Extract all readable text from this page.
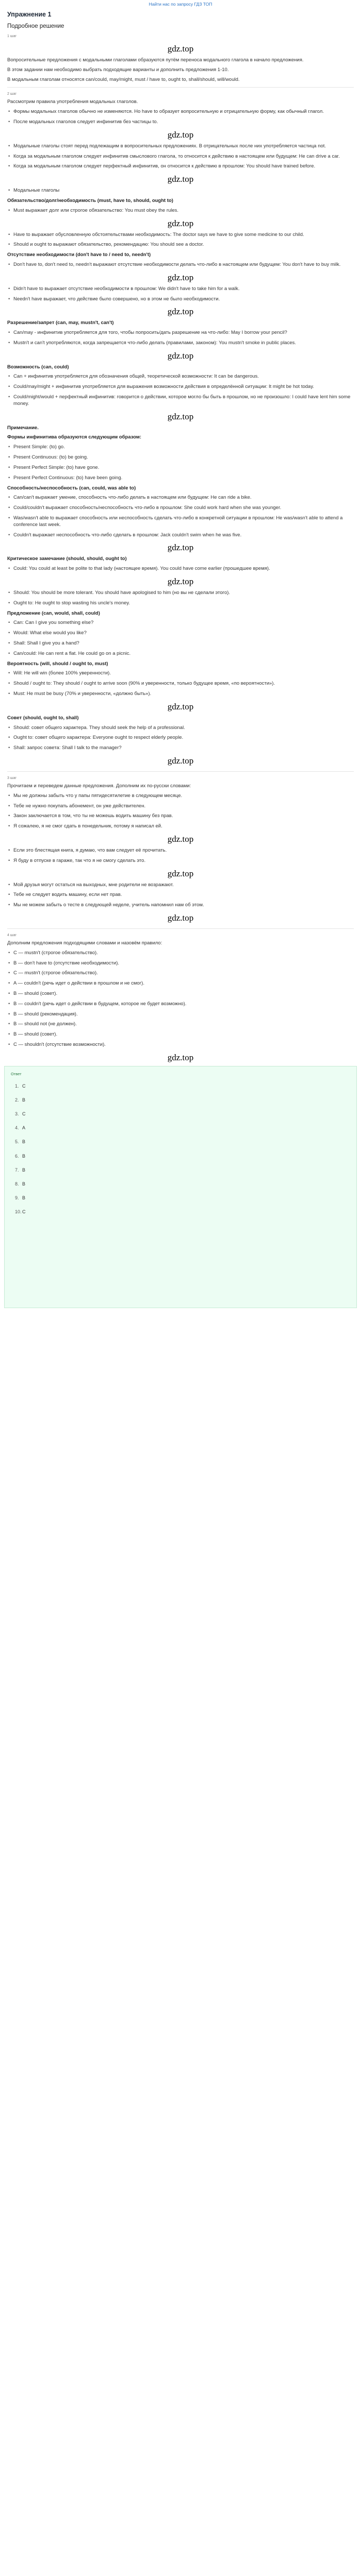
Найти нас по запросу ГДЗ ТОП
Упражнение 1
Подробное решение
1 шаг
gdz.top
Вопросительные предложения с модальными глаголами образуются путём переноса модального глагола в начало предложения.
В этом задании нам необходимо выбрать подходящие варианты и дополнить предложения 1-10.
В модальным глаголам относятся can/could, may/might, must / have to, ought to, shall/should, will/would.
2 шаг
Рассмотрим правила употребления модальных глаголов.
• Формы модальных глаголов обычно не изменяются. Но have to образует вопросительную и отрицательную форму, как обычный глагол.
• После модальных глаголов следует инфинитив без частицы to.
gdz.top
• Модальные глаголы стоят перед подлежащим в вопросительных предложениях. В отрицательных после них употребляется частица not.
• Когда за модальным глаголом следует инфинитив смыслового глагола, то относится к действию в настоящем или будущем: He can drive a car.
• Когда за модальным глаголом следует перфектный инфинитив, он относится к действию в прошлом: You should have trained before.
gdz.top
• Модальные глаголы
Обязательство/долг/необходимость (must, have to, should, ought to)
• Must выражает долг или строгое обязательство: You must obey the rules.
gdz.top
• Have to выражает обусловленную обстоятельствами необходимость: The doctor says we have to give some medicine to our child.
• Should и ought to выражают обязательство, рекомендацию: You should see a doctor.
Отсутствие необходимости (don't have to / need to, needn't)
• Don't have to, don't need to, needn't выражают отсутствие необходимости делать что-либо в настоящем или будущем: You don't have to buy milk.
gdz.top
• Didn't have to выражает отсутствие необходимости в прошлом: We didn't have to take him for a walk.
• Needn't have выражает, что действие было совершено, но в этом не было необходимости.
gdz.top
Разрешение/запрет (can, may, mustn't, can't)
• Can/may - инфинитив употребляется для того, чтобы попросить/дать разрешение на что-либо: May I borrow your pencil?
• Mustn't и can't употребляются, когда запрещается что-либо делать (правилами, законом): You mustn't smoke in public places.
gdz.top
Возможность (can, could)
• Can + инфинитив употребляется для обозначения общей, теоретической возможности: It can be dangerous.
• Could/may/might + инфинитив употребляется для выражения возможности действия в определённой ситуации: It might be hot today.
• Could/might/would + перфектный инфинитив: говорится о действии, которое могло бы быть в прошлом, но не произошло: I could have lent him some money.
gdz.top
Примечание.
Формы инфинитива образуются следующим образом:
• Present Simple: (to) go.
• Present Continuous: (to) be going.
• Present Perfect Simple: (to) have gone.
• Present Perfect Continuous: (to) have been going.
Способность/неспособность (can, could, was able to)
• Can/can't выражает умение, способность что-либо делать в настоящем или будущем: He can ride a bike.
• Could/couldn't выражает способность/неспособность что-либо в прошлом: She could work hard when she was younger.
• Was/wasn't able to выражает способность или неспособность сделать что-либо в конкретной ситуации в прошлом: He was/wasn't able to attend a conference last week.
• Couldn't выражает неспособность что-либо сделать в прошлом: Jack couldn't swim when he was five.
gdz.top
Критическое замечание (should, should, ought to)
• Could: You could at least be polite to that lady (настоящее время). You could have come earlier (прошедшее время).
gdz.top
• Should: You should be more tolerant. You should have apologised to him (но вы не сделали этого).
• Ought to: He ought to stop wasting his uncle's money.
Предложение (can, would, shall, could)
• Can: Can I give you something else?
• Would: What else would you like?
• Shall: Shall I give you a hand?
• Can/could: He can rent a flat. He could go on a picnic.
Вероятность (will, should / ought to, must)
• Will: He will win (более 100% уверенности).
• Should / ought to: They should / ought to arrive soon (90% и уверенности, только будущее время, «по вероятности»).
• Must: He must be busy (70% и уверенности, «должно быть»).
gdz.top
Совет (should, ought to, shall)
• Should: совет общего характера. They should seek the help of a professional.
• Ought to: совет общего характера: Everyone ought to respect elderly people.
• Shall: запрос совета: Shall I talk to the manager?
gdz.top
3 шаг
Прочитаем и переведем данные предложения. Дополним их по-русски словами:
• Мы не должны забыть что у папы пятидесятилетие в следующем месяце.
• Тебе не нужно покупать абонемент, он уже действителен.
• Закон заключается в том, что ты не можешь водить машину без прав.
• Я сожалею, я не смог сдать в понедельник, потому я написал ей.
gdz.top
• Если это блестящая книга, я думаю, что вам следует её прочитать.
• Я буду в отпуске в гараже, так что я не смогу сделать это.
gdz.top
• Мой друзья могут остаться на выходных, мне родители не возражают.
• Тебе не следует водить машину, если нет прав.
• Мы не можем забыть о тесте в следующей неделе, учитель напомнил нам об этом.
gdz.top
4 шаг
Дополним предложения подходящими словами и назовём правило:
• C — mustn't (строгое обязательство).
• B — don't have to (отсутствие необходимости).
• C — mustn't (строгое обязательство).
• A — couldn't (речь идет о действии в прошлом и не смог).
• B — should (совет).
• B — couldn't (речь идет о действии в будущем, которое не будет возможно).
• B — should (рекомендация).
• B — should not (не должен).
• B — should (совет).
• C — shouldn't (отсутствие возможности).
gdz.top
Ответ
1. C
2. B
3. C
4. A
5. B
6. B
7. B
8. B
9. B
10.C
